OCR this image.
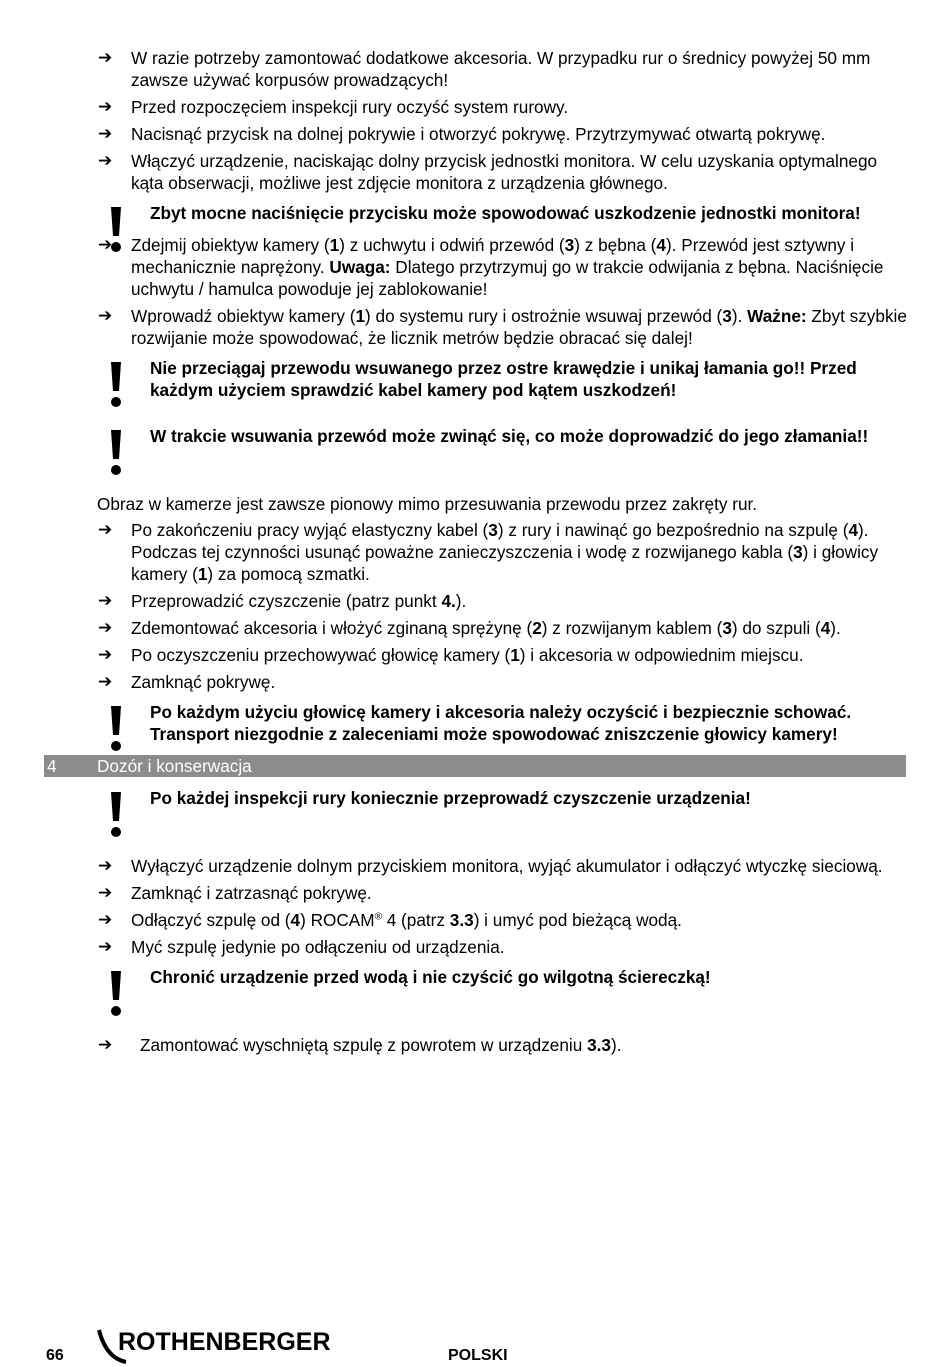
➔	W razie potrzeby zamontować dodatkowe akcesoria. W przypadku rur o średnicy powyżej 50 mm zawsze używać korpusów prowadzących!
➔	Przed rozpoczęciem inspekcji rury oczyść system rurowy.
➔	Nacisnąć przycisk na dolnej pokrywie i otworzyć pokrywę. Przytrzymywać otwartą pokrywę.
➔	Włączyć urządzenie, naciskając dolny przycisk jednostki monitora. W celu uzyskania optymalnego kąta obserwacji, możliwe jest zdjęcie monitora z urządzenia głównego.
Zbyt mocne naciśnięcie przycisku może spowodować uszkodzenie jednostki monitora!
➔	Zdejmij obiektyw kamery (1) z uchwytu i odwiń przewód (3) z bębna (4). Przewód jest sztywny i mechanicznie naprężony. Uwaga: Dlatego przytrzymuj go w trakcie odwijania z bębna. Naciśnięcie uchwytu / hamulca powoduje jej zablokowanie!
➔	Wprowadź obiektyw kamery (1) do systemu rury i ostrożnie wsuwaj przewód (3). Ważne: Zbyt szybkie rozwijanie może spowodować, że licznik metrów będzie obracać się dalej!
Nie przeciągaj przewodu wsuwanego przez ostre krawędzie i unikaj łamania go!! Przed każdym użyciem sprawdzić kabel kamery pod kątem uszkodzeń!
W trakcie wsuwania przewód może zwinąć się, co może doprowadzić do jego złamania!!
Obraz w kamerze jest zawsze pionowy mimo przesuwania przewodu przez zakręty rur.
➔	Po zakończeniu pracy wyjąć elastyczny kabel (3) z rury i nawinąć go bezpośrednio na szpulę (4). Podczas tej czynności usunąć poważne zanieczyszczenia i wodę z rozwijanego kabla (3) i głowicy kamery (1) za pomocą szmatki.
➔	Przeprowadzić czyszczenie (patrz punkt 4.).
➔	Zdemontować akcesoria i włożyć zginaną sprężynę (2) z rozwijanym kablem (3) do szpuli (4).
➔	Po oczyszczeniu przechowywać głowicę kamery (1) i akcesoria w odpowiednim miejscu.
➔	Zamknąć pokrywę.
Po każdym użyciu głowicę kamery i akcesoria należy oczyścić i bezpiecznie schować. Transport niezgodnie z zaleceniami może spowodować zniszczenie głowicy kamery!
4 Dozór i konserwacja
Po każdej inspekcji rury koniecznie przeprowadź czyszczenie urządzenia!
➔	Wyłączyć urządzenie dolnym przyciskiem monitora, wyjąć akumulator i odłączyć wtyczkę sieciową.
➔	Zamknąć i zatrzasnąć pokrywę.
➔	Odłączyć szpulę od (4) ROCAM® 4 (patrz 3.3) i umyć pod bieżącą wodą.
➔	Myć szpulę jedynie po odłączeniu od urządzenia.
Chronić urządzenie przed wodą i nie czyścić go wilgotną ściereczką!
➔	Zamontować wyschniętą szpulę z powrotem w urządzeniu 3.3).
66 ROTHENBERGER	POLSKI
